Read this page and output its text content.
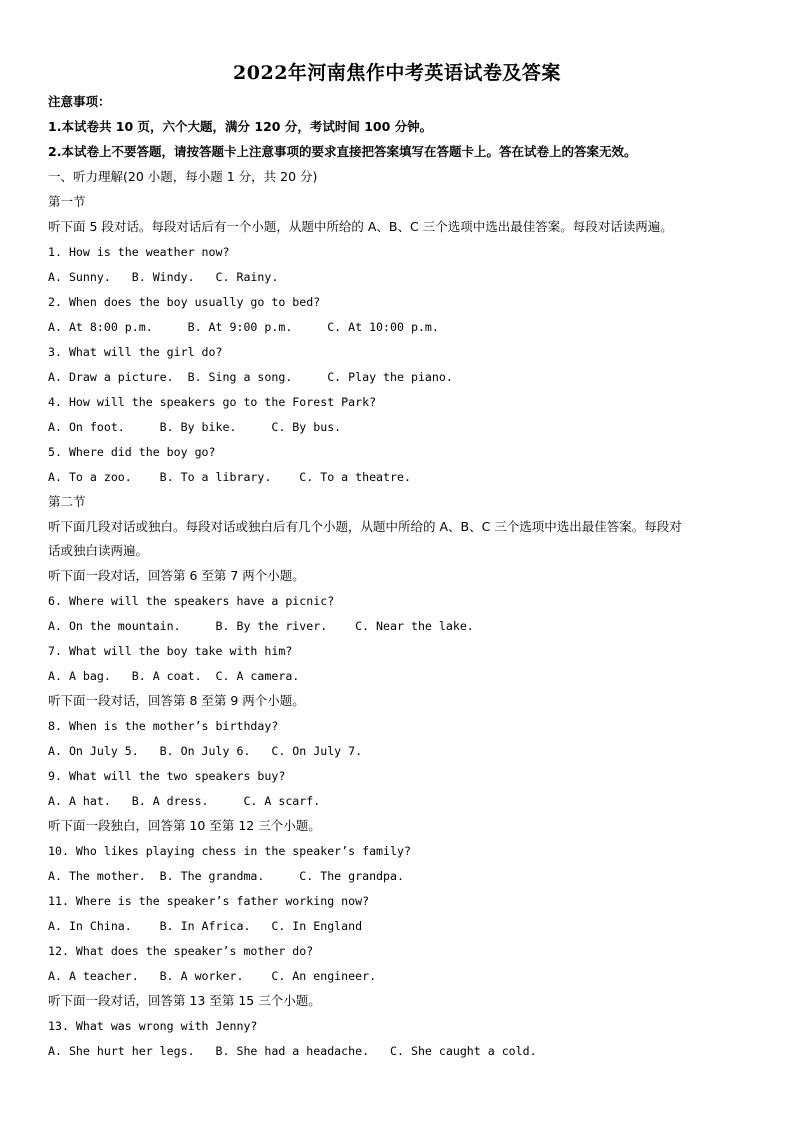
2022年河南焦作中考英语试卷及答案
注意事项：
1.本试卷共 10 页，六个大题，满分 120 分，考试时间 100 分钟。
2.本试卷上不要答题，请按答题卡上注意事项的要求直接把答案填写在答题卡上。答在试卷上的答案无效。
一、听力理解(20 小题，每小题 1 分，共 20 分)
第一节
听下面 5 段对话。每段对话后有一个小题，从题中所给的 A、B、C 三个选项中选出最佳答案。每段对话读两遍。
1. How is the weather now?
A. Sunny.   B. Windy.   C. Rainy.
2. When does the boy usually go to bed?
A. At 8:00 p.m.     B. At 9:00 p.m.     C. At 10:00 p.m.
3. What will the girl do?
A. Draw a picture.  B. Sing a song.     C. Play the piano.
4. How will the speakers go to the Forest Park?
A. On foot.     B. By bike.     C. By bus.
5. Where did the boy go?
A. To a zoo.    B. To a library.    C. To a theatre.
第二节
听下面几段对话或独白。每段对话或独白后有几个小题，从题中所给的 A、B、C 三个选项中选出最佳答案。每段对
话或独白读两遍。
听下面一段对话，回答第 6 至第 7 两个小题。
6. Where will the speakers have a picnic?
A. On the mountain.     B. By the river.    C. Near the lake.
7. What will the boy take with him?
A. A bag.   B. A coat.  C. A camera.
听下面一段对话，回答第 8 至第 9 两个小题。
8. When is the mother’s birthday?
A. On July 5.   B. On July 6.   C. On July 7.
9. What will the two speakers buy?
A. A hat.   B. A dress.     C. A scarf.
听下面一段独白，回答第 10 至第 12 三个小题。
10. Who likes playing chess in the speaker’s family?
A. The mother.  B. The grandma.     C. The grandpa.
11. Where is the speaker’s father working now?
A. In China.    B. In Africa.   C. In England
12. What does the speaker’s mother do?
A. A teacher.   B. A worker.    C. An engineer.
听下面一段对话，回答第 13 至第 15 三个小题。
13. What was wrong with Jenny?
A. She hurt her legs.   B. She had a headache.   C. She caught a cold.
